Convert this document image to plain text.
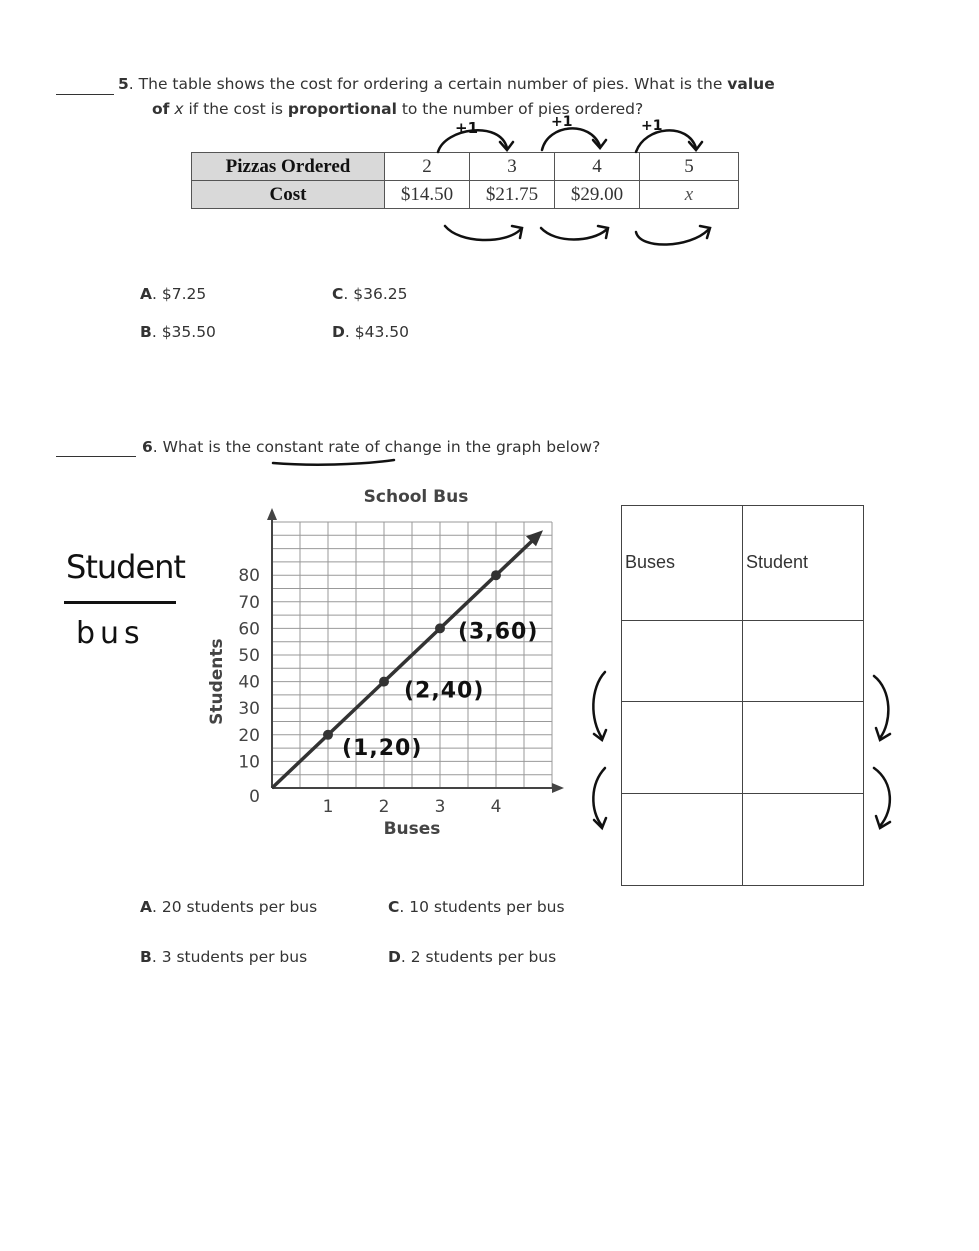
5. The table shows the cost for ordering a certain number of pies. What is the value
of x if the cost is proportional to the number of pies ordered?
Pizzas Ordered	2	3	4	5
Cost	$14.50	$21.75	$29.00	x
+1	+1	+1
A. $7.25
B. $35.50
C. $36.25
D. $43.50
6. What is the constant rate of change in the graph below?
Student
bus
School Bus
1	2	3	4
0
10
20
30
40
50
60
70
80
Buses
Students
(1,20)
(2,40)
(3,60)
Buses	Student

A. 20 students per bus
B. 3 students per bus
C. 10 students per bus
D. 2 students per bus
